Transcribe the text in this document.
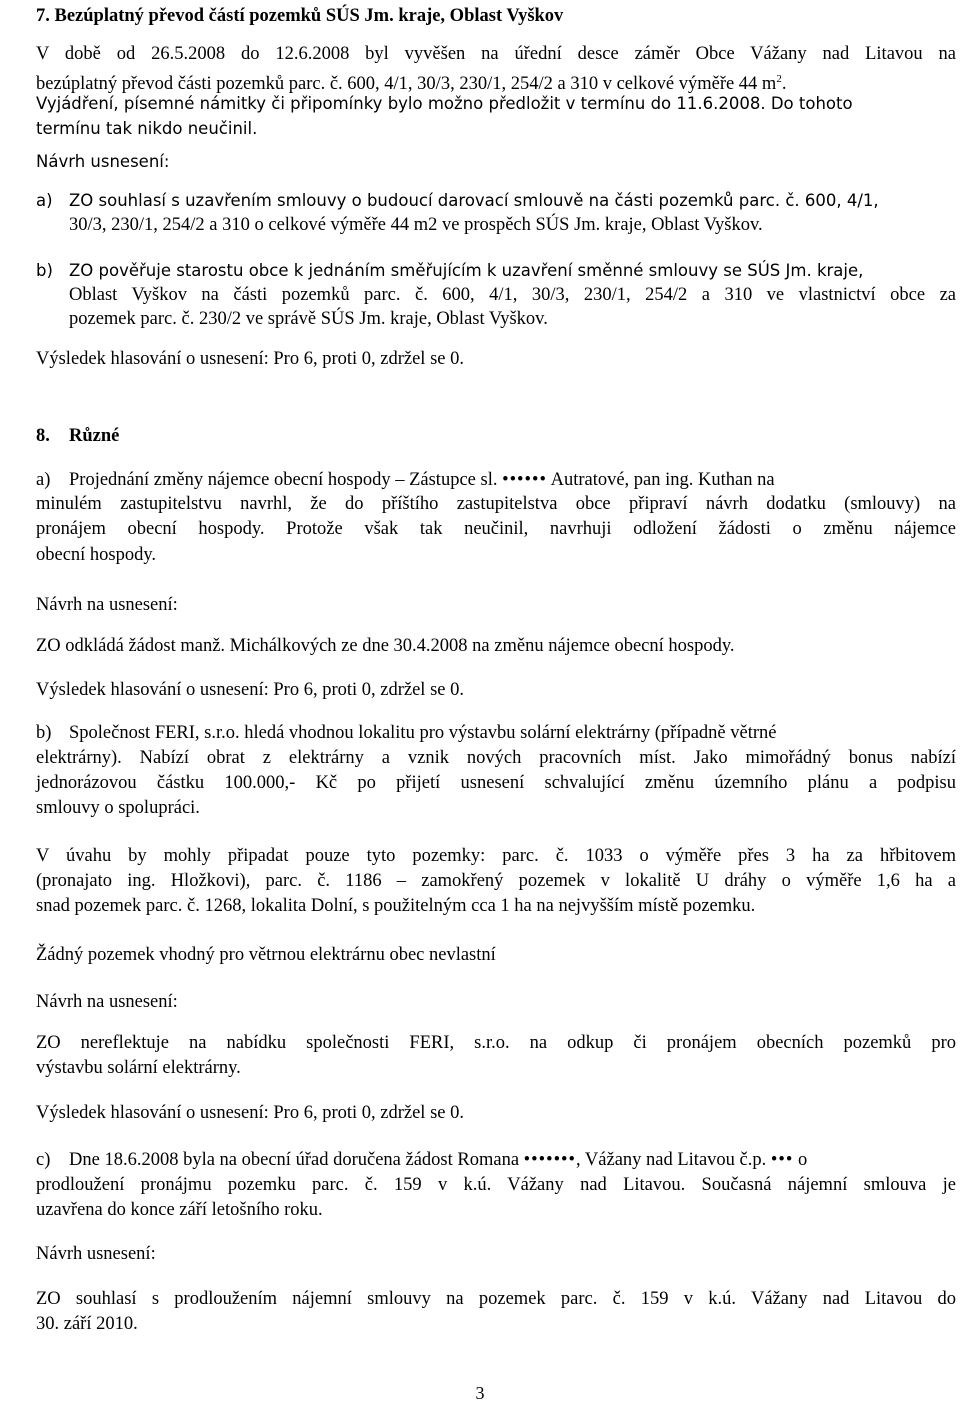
7. Bezúplatný převod částí pozemků SÚS Jm. kraje, Oblast Vyškov
V době od 26.5.2008 do 12.6.2008 byl vyvěšen na úřední desce záměr Obce Vážany nad Litavou na
bezúplatný převod části pozemků parc. č. 600, 4/1, 30/3, 230/1, 254/2 a 310 v celkové výměře 44 $m^2$.
Vyjádření, písemné námitky či připomínky bylo možno předložit v termínu do 11.6.2008. Do tohoto
termínu tak nikdo neučinil.
Návrh usnesení:
a) ZO souhlasí s uzavřením smlouvy o budoucí darovací smlouvě na části pozemků parc. č. 600, 4/1,
30/3, 230/1, 254/2 a 310 o celkové výměře 44 m2 ve prospěch SÚS Jm. kraje, Oblast Vyškov.
b) ZO pověřuje starostu obce k jednáním směřujícím k uzavření směnné smlouvy se SÚS Jm. kraje,
Oblast Vyškov na části pozemků parc. č. 600, 4/1, 30/3, 230/1, 254/2 a 310 ve vlastnictví obce za
pozemek parc. č. 230/2 ve správě SÚS Jm. kraje, Oblast Vyškov.
Výsledek hlasování o usnesení: Pro 6, proti 0, zdržel se 0.
8. Různé
a) Projednání změny nájemce obecní hospody – Zástupce sl. •••••• Autratové, pan ing. Kuthan na
minulém zastupitelstvu navrhl, že do příštího zastupitelstva obce připraví návrh dodatku (smlouvy) na
pronájem obecní hospody. Protože však tak neučinil, navrhuji odložení žádosti o změnu nájemce
obecní hospody.
Návrh na usnesení:
ZO odkládá žádost manž. Michálkových ze dne 30.4.2008 na změnu nájemce obecní hospody.
Výsledek hlasování o usnesení: Pro 6, proti 0, zdržel se 0.
b) Společnost FERI, s.r.o. hledá vhodnou lokalitu pro výstavbu solární elektrárny (případně větrné
elektrárny). Nabízí obrat z elektrárny a vznik nových pracovních míst. Jako mimořádný bonus nabízí
jednorázovou částku 100.000,- Kč po přijetí usnesení schvalující změnu územního plánu a podpisu
smlouvy o spolupráci.
V úvahu by mohly připadat pouze tyto pozemky: parc. č. 1033 o výměře přes 3 ha za hřbitovem
(pronajato ing. Hložkovi), parc. č. 1186 – zamokřený pozemek v lokalitě U dráhy o výměře 1,6 ha a
snad pozemek parc. č. 1268, lokalita Dolní, s použitelným cca 1 ha na nejvyšším místě pozemku.
Žádný pozemek vhodný pro větrnou elektrárnu obec nevlastní
Návrh na usnesení:
ZO nereflektuje na nabídku společnosti FERI, s.r.o. na odkup či pronájem obecních pozemků pro
výstavbu solární elektrárny.
Výsledek hlasování o usnesení: Pro 6, proti 0, zdržel se 0.
c) Dne 18.6.2008 byla na obecní úřad doručena žádost Romana •••••••, Vážany nad Litavou č.p. ••• o
prodloužení pronájmu pozemku parc. č. 159 v k.ú. Vážany nad Litavou. Současná nájemní smlouva je
uzavřena do konce září letošního roku.
Návrh usnesení:
ZO souhlasí s prodloužením nájemní smlouvy na pozemek parc. č. 159 v k.ú. Vážany nad Litavou do
30. září 2010.
3
